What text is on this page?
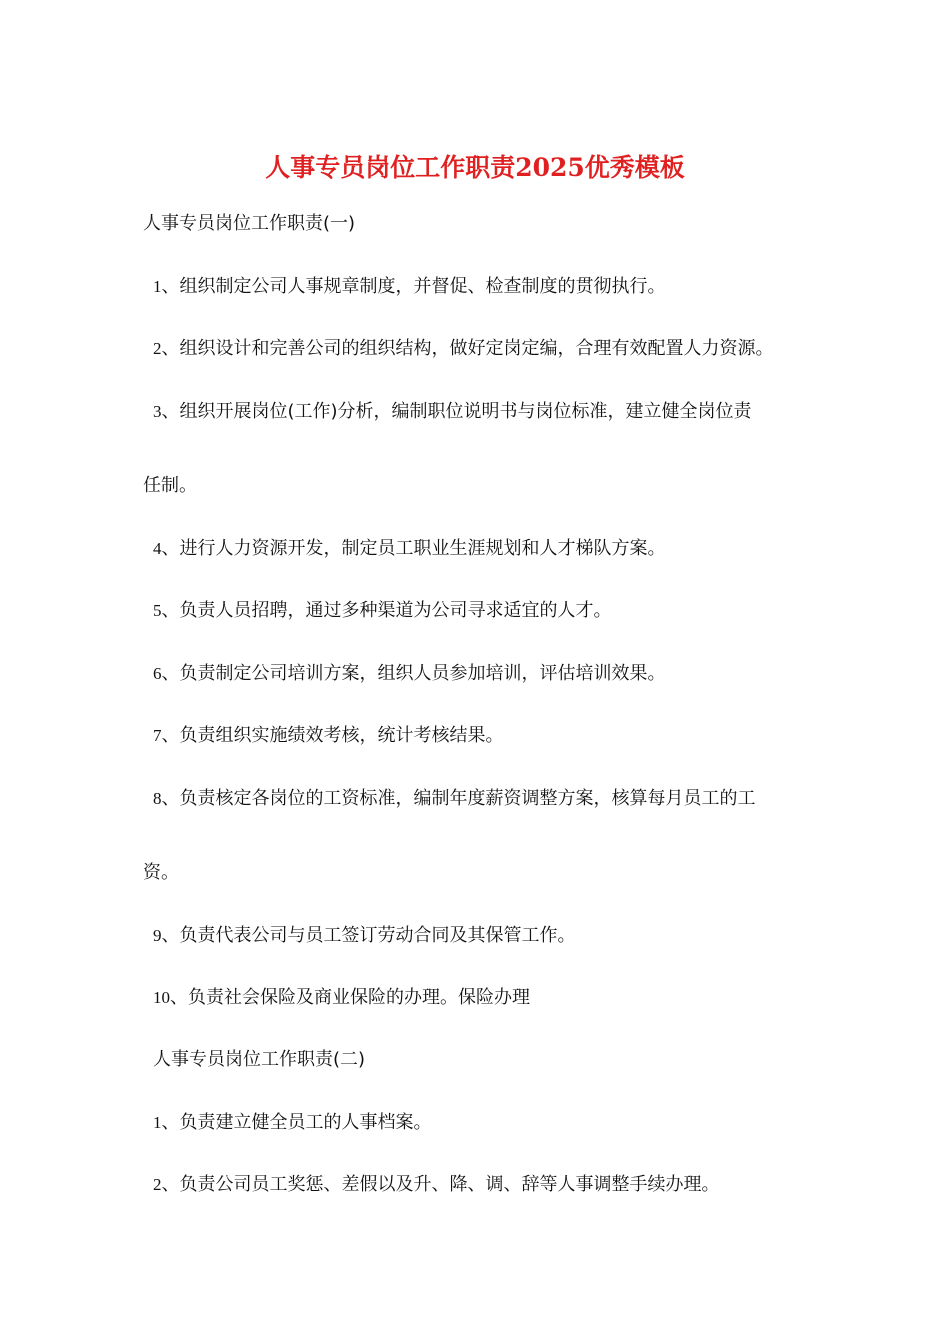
人事专员岗位工作职责2025优秀模板
人事专员岗位工作职责(一)
1、组织制定公司人事规章制度，并督促、检查制度的贯彻执行。
2、组织设计和完善公司的组织结构，做好定岗定编，合理有效配置人力资源。
3、组织开展岗位(工作)分析，编制职位说明书与岗位标准，建立健全岗位责
任制。
4、进行人力资源开发，制定员工职业生涯规划和人才梯队方案。
5、负责人员招聘，通过多种渠道为公司寻求适宜的人才。
6、负责制定公司培训方案，组织人员参加培训，评估培训效果。
7、负责组织实施绩效考核，统计考核结果。
8、负责核定各岗位的工资标准，编制年度薪资调整方案，核算每月员工的工
资。
9、负责代表公司与员工签订劳动合同及其保管工作。
10、负责社会保险及商业保险的办理。保险办理
人事专员岗位工作职责(二)
1、负责建立健全员工的人事档案。
2、负责公司员工奖惩、差假以及升、降、调、辞等人事调整手续办理。
